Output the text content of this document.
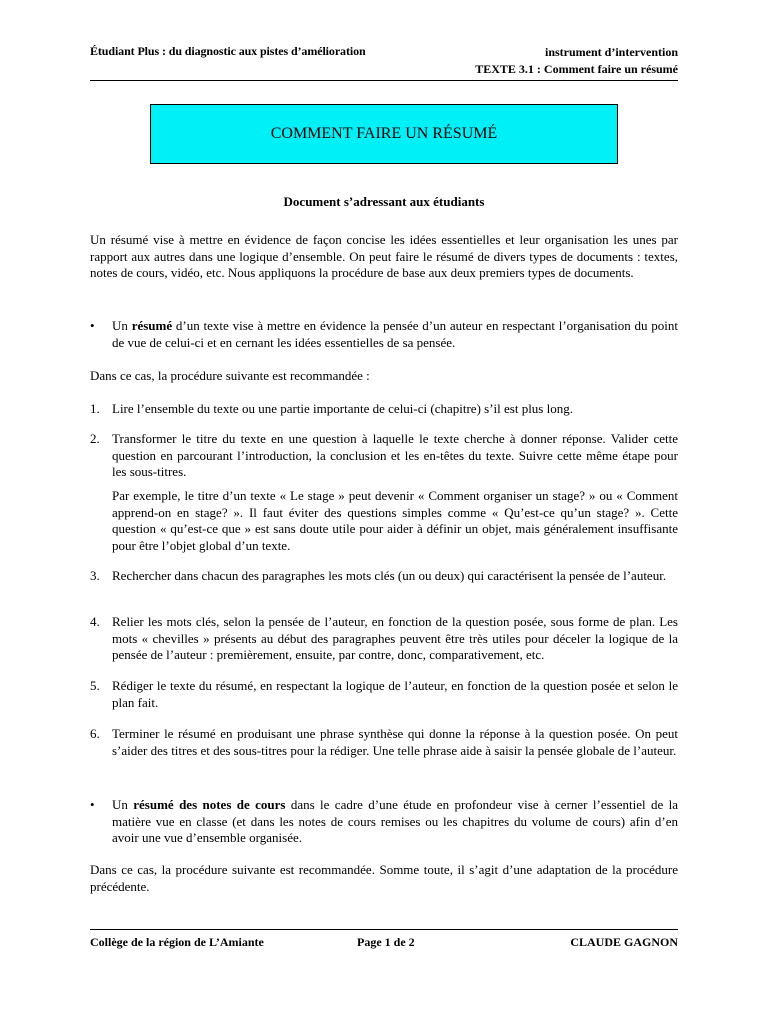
Étudiant Plus : du diagnostic aux pistes d’amélioration	instrument d’intervention
TEXTE 3.1 : Comment faire un résumé
COMMENT FAIRE UN RÉSUMÉ
Document s’adressant aux étudiants
Un résumé vise à mettre en évidence de façon concise les idées essentielles et leur organisation les unes par rapport aux autres dans une logique d’ensemble. On peut faire le résumé de divers types de documents : textes, notes de cours, vidéo, etc. Nous appliquons la procédure de base aux deux premiers types de documents.
• Un résumé d’un texte vise à mettre en évidence la pensée d’un auteur en respectant l’organisation du point de vue de celui-ci et en cernant les idées essentielles de sa pensée.
Dans ce cas, la procédure suivante est recommandée :
1. Lire l’ensemble du texte ou une partie importante de celui-ci (chapitre) s’il est plus long.
2. Transformer le titre du texte en une question à laquelle le texte cherche à donner réponse. Valider cette question en parcourant l’introduction, la conclusion et les en-têtes du texte. Suivre cette même étape pour les sous-titres.
Par exemple, le titre d’un texte « Le stage » peut devenir « Comment organiser un stage? » ou « Comment apprend-on en stage? ». Il faut éviter des questions simples comme « Qu’est-ce qu’un stage? ». Cette question « qu’est-ce que » est sans doute utile pour aider à définir un objet, mais généralement insuffisante pour être l’objet global d’un texte.
3. Rechercher dans chacun des paragraphes les mots clés (un ou deux) qui caractérisent la pensée de l’auteur.
4. Relier les mots clés, selon la pensée de l’auteur, en fonction de la question posée, sous forme de plan. Les mots « chevilles » présents au début des paragraphes peuvent être très utiles pour déceler la logique de la pensée de l’auteur : premièrement, ensuite, par contre, donc, comparativement, etc.
5. Rédiger le texte du résumé, en respectant la logique de l’auteur, en fonction de la question posée et selon le plan fait.
6. Terminer le résumé en produisant une phrase synthèse qui donne la réponse à la question posée. On peut s’aider des titres et des sous-titres pour la rédiger. Une telle phrase aide à saisir la pensée globale de l’auteur.
• Un résumé des notes de cours dans le cadre d’une étude en profondeur vise à cerner l’essentiel de la matière vue en classe (et dans les notes de cours remises ou les chapitres du volume de cours) afin d’en avoir une vue d’ensemble organisée.
Dans ce cas, la procédure suivante est recommandée. Somme toute, il s’agit d’une adaptation de la procédure précédente.
Collège de la région de L’Amiante	Page 1 de 2	CLAUDE GAGNON
